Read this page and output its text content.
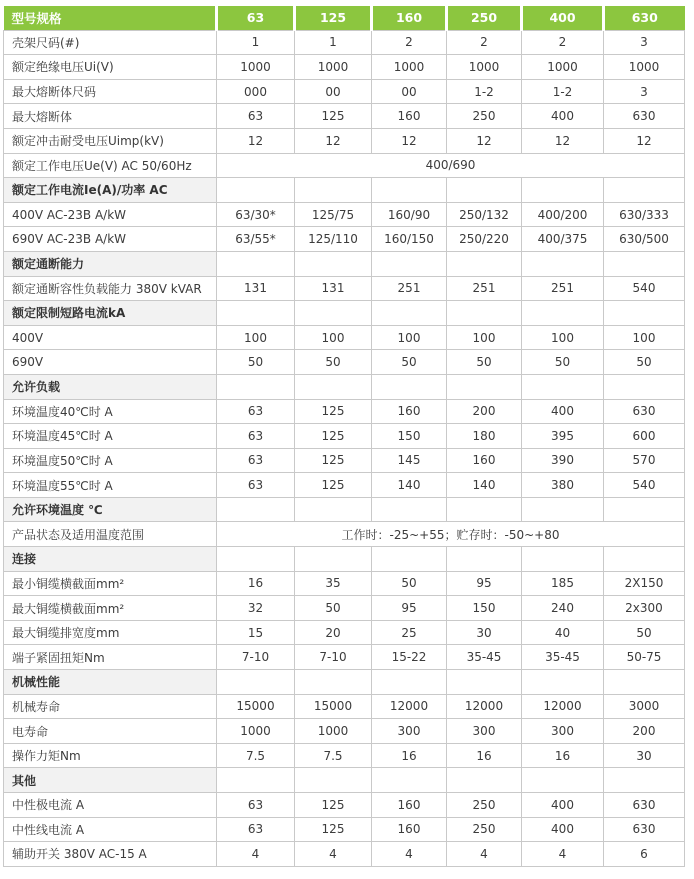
型号规格	63	125	160	250	400	630
壳架尺码(#)	1	1	2	2	2	3
额定绝缘电压Ui(V)	1000	1000	1000	1000	1000	1000
最大熔断体尺码	000	00	00	1-2	1-2	3
最大熔断体	63	125	160	250	400	630
额定冲击耐受电压Uimp(kV)	12	12	12	12	12	12
额定工作电压Ue(V) AC 50/60Hz	400/690					
额定工作电流Ie(A)/功率 AC						
400V AC-23B A/kW	63/30*	125/75	160/90	250/132	400/200	630/333
690V AC-23B A/kW	63/55*	125/110	160/150	250/220	400/375	630/500
额定通断能力						
额定通断容性负载能力 380V kVAR	131	131	251	251	251	540
额定限制短路电流kA						
400V	100	100	100	100	100	100
690V	50	50	50	50	50	50
允许负载						
环境温度40℃时 A	63	125	160	200	400	630
环境温度45℃时 A	63	125	150	180	395	600
环境温度50℃时 A	63	125	145	160	390	570
环境温度55℃时 A	63	125	140	140	380	540
允许环境温度 ℃						
产品状态及适用温度范围	工作时：-25~+55；贮存时：-50~+80					
连接						
最小铜缆横截面mm²	16	35	50	95	185	2X150
最大铜缆横截面mm²	32	50	95	150	240	2x300
最大铜缆排宽度mm	15	20	25	30	40	50
端子紧固扭矩Nm	7-10	7-10	15-22	35-45	35-45	50-75
机械性能						
机械寿命	15000	15000	12000	12000	12000	3000
电寿命	1000	1000	300	300	300	200
操作力矩Nm	7.5	7.5	16	16	16	30
其他						
中性极电流 A	63	125	160	250	400	630
中性线电流 A	63	125	160	250	400	630
辅助开关 380V AC-15 A	4	4	4	4	4	6
